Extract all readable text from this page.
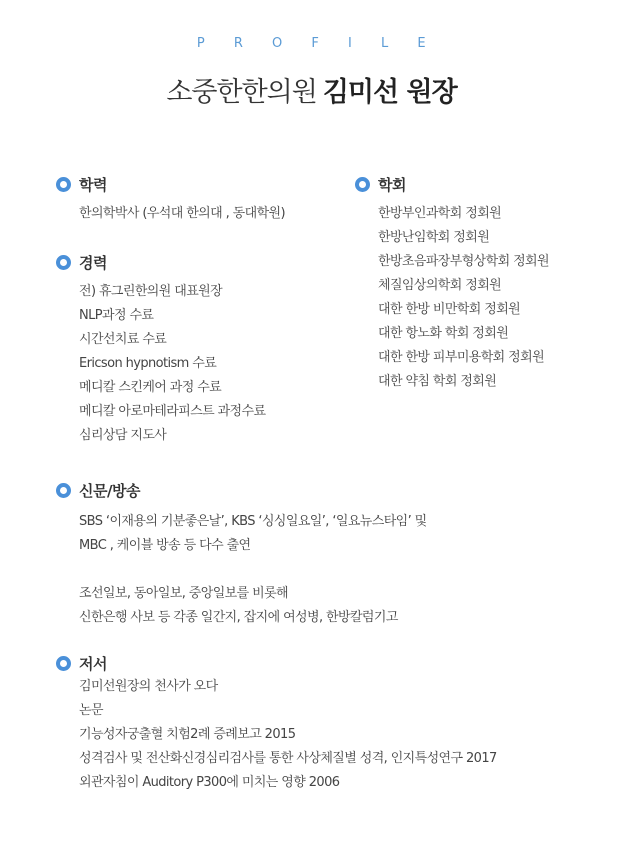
P R O F I L E
소중한한의원 김미선 원장
학력
한의학박사 (우석대 한의대 , 동대학원)
경력
전) 휴그린한의원 대표원장
NLP과정 수료
시간선치료 수료
Ericson hypnotism 수료
메디칼 스킨케어 과정 수료
메디칼 아로마테라피스트 과정수료
심리상담 지도사
학회
한방부인과학회 정회원
한방난임학회 정회원
한방초음파장부형상학회 정회원
체질임상의학회 정회원
대한 한방 비만학회 정회원
대한 항노화 학회 정회원
대한 한방 피부미용학회 정회원
대한 약침 학회 정회원
신문/방송
SBS ‘이재용의 기분좋은날’, KBS ‘싱싱일요일’, ‘일요뉴스타임’ 및
MBC , 케이블 방송 등 다수 출연
조선일보, 동아일보, 중앙일보를 비롯해
신한은행 사보 등 각종 일간지, 잡지에 여성병, 한방칼럼기고
저서
김미선원장의 천사가 오다
논문
기능성자궁출혈 치험2례 증례보고 2015
성격검사 및 전산화신경심리검사를 통한 사상체질별 성격, 인지특성연구 2017
외관자침이 Auditory P300에 미치는 영향 2006
